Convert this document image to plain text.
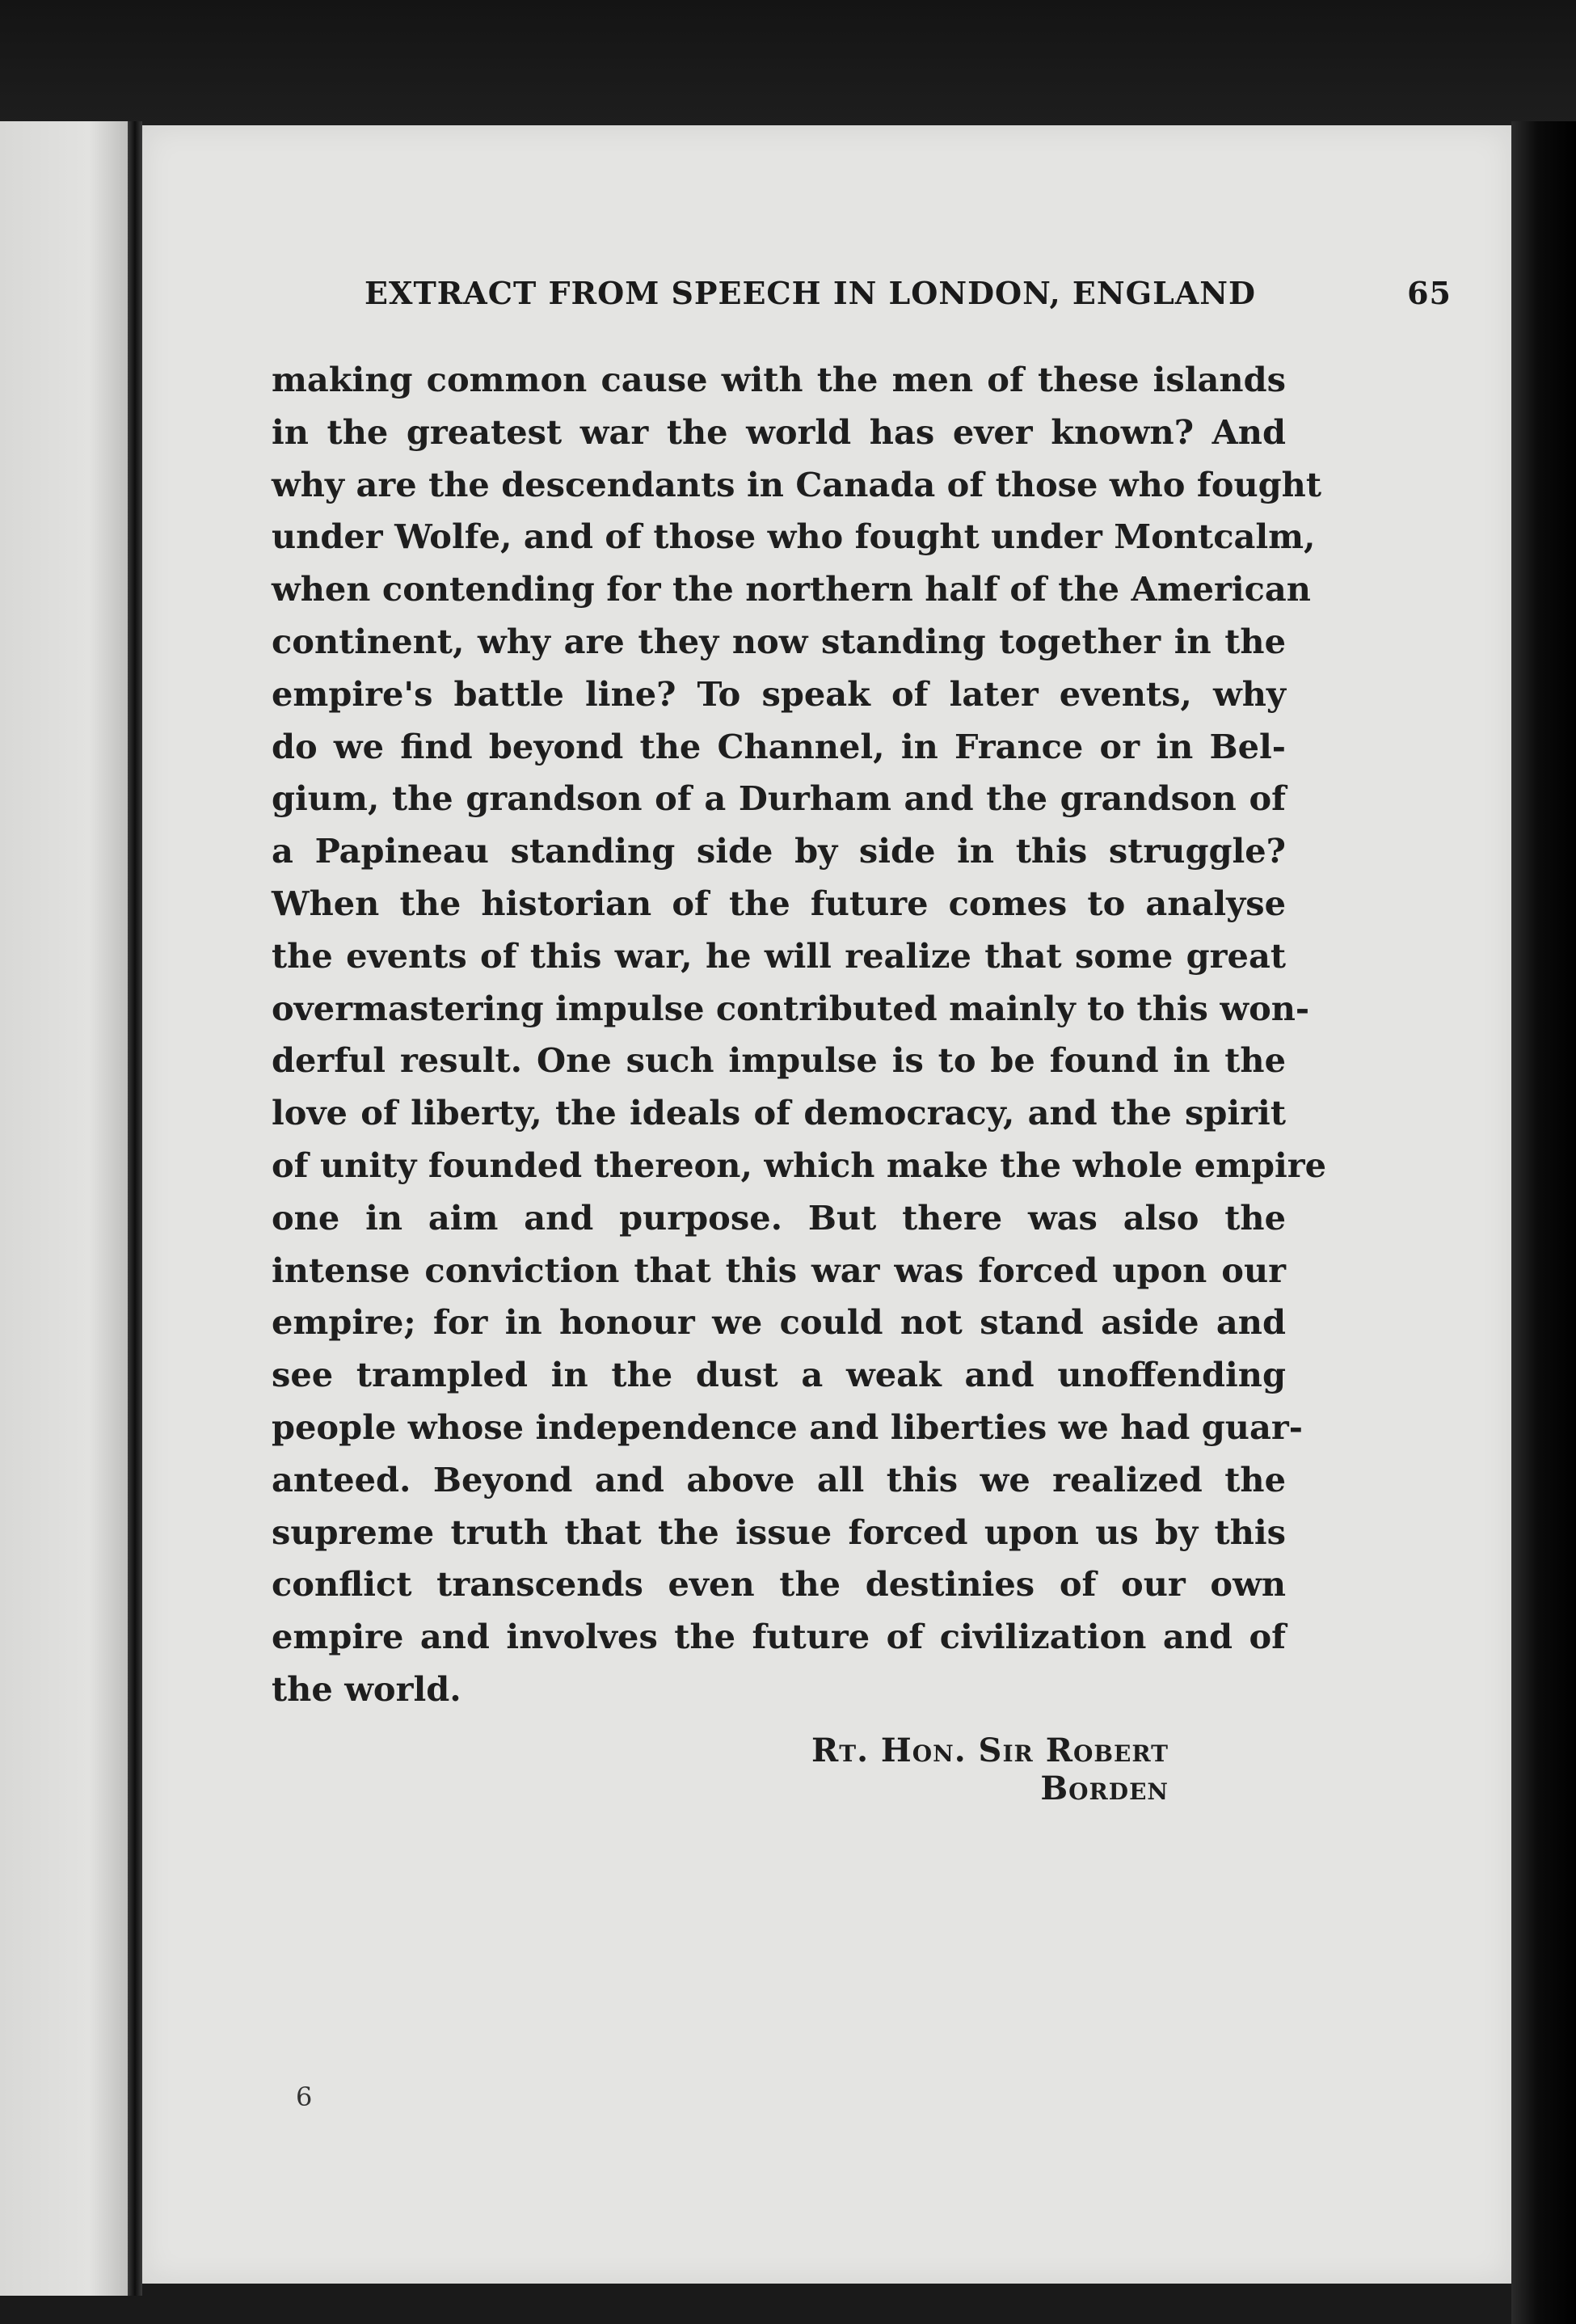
EXTRACT FROM SPEECH IN LONDON, ENGLAND	65

making common cause with the men of these islands
in the greatest war the world has ever known? And
why are the descendants in Canada of those who fought
under Wolfe, and of those who fought under Montcalm,
when contending for the northern half of the American
continent, why are they now standing together in the
empire's battle line? To speak of later events, why
do we find beyond the Channel, in France or in Bel-
gium, the grandson of a Durham and the grandson of
a Papineau standing side by side in this struggle?
When the historian of the future comes to analyse
the events of this war, he will realize that some great
overmastering impulse contributed mainly to this won-
derful result. One such impulse is to be found in the
love of liberty, the ideals of democracy, and the spirit
of unity founded thereon, which make the whole empire
one in aim and purpose. But there was also the
intense conviction that this war was forced upon our
empire; for in honour we could not stand aside and
see trampled in the dust a weak and unoffending
people whose independence and liberties we had guar-
anteed. Beyond and above all this we realized the
supreme truth that the issue forced upon us by this
conflict transcends even the destinies of our own
empire and involves the future of civilization and of
the world.

Rt. Hon. Sir Robert Borden
6
